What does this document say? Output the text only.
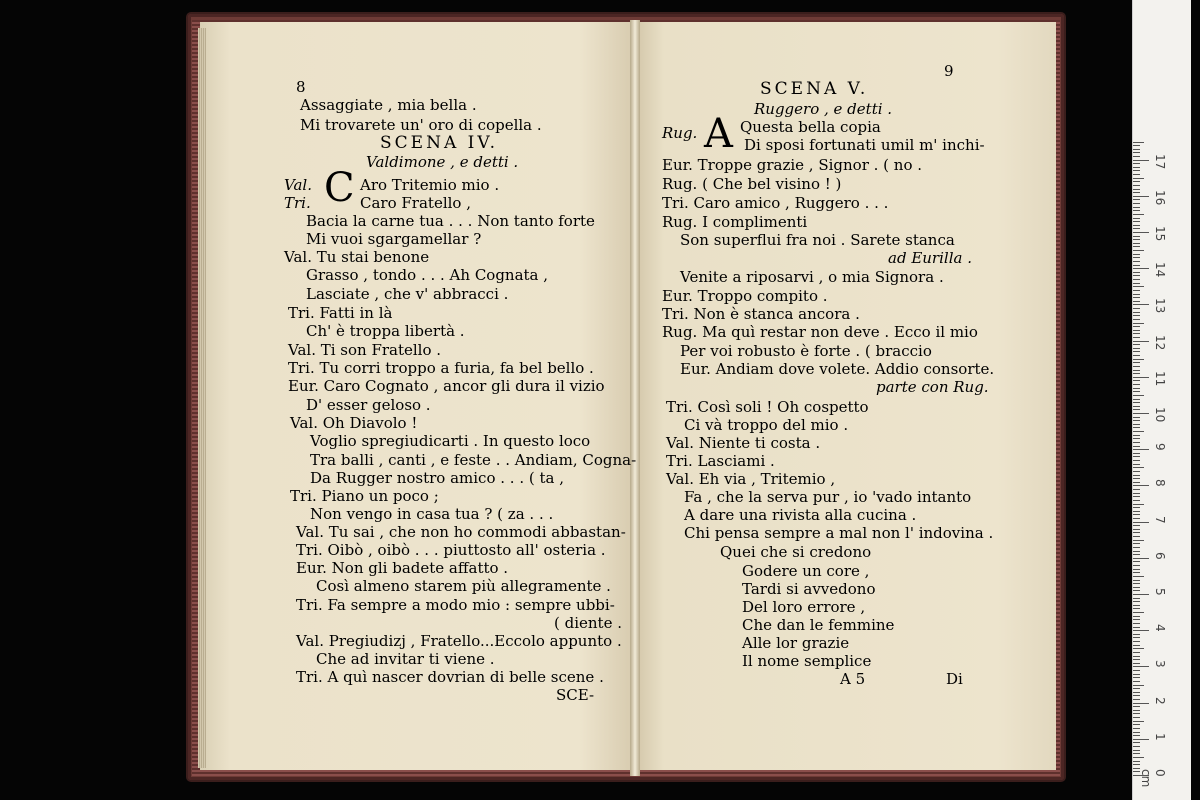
8
9
C
A
Assaggiate , mia bella .
Mi trovarete un' oro di copella .
SCENA IV.
Valdimone , e detti .
Val.	Aro Tritemio mio .
Tri.	Caro Fratello ,
Bacia la carne tua . . . Non tanto forte
Mi vuoi sgargamellar ?
Val. Tu stai benone
Grasso , tondo . . . Ah Cognata ,
Lasciate , che v' abbracci .
Tri. Fatti in là
Ch' è troppa libertà .
Val. Ti son Fratello .
Tri. Tu corri troppo a furia, fa bel bello .
Eur. Caro Cognato , ancor gli dura il vizio
D' esser geloso .
Val. Oh Diavolo !
Voglio spregiudicarti . In questo loco
Tra balli , canti , e feste . . Andiam, Cogna-
Da Rugger nostro amico . . . ( ta ,
Tri. Piano un poco ;
Non vengo in casa tua ? ( za . . .
Val. Tu sai , che non ho commodi abbastan-
Tri. Oibò , oibò . . . piuttosto all' osteria .
Eur. Non gli badete affatto .
Così almeno starem più allegramente .
Tri. Fa sempre a modo mio : sempre ubbi-
( diente .
Val. Pregiudizj , Fratello...Eccolo appunto .
Che ad invitar ti viene .
Tri. A quì nascer dovrian di belle scene .
SCE-
SCENA V.
Ruggero , e detti .
Rug.	Questa bella copia
Di sposi fortunati umil m' inchi-
Eur. Troppe grazie , Signor . ( no .
Rug. ( Che bel visino ! )
Tri. Caro amico , Ruggero . . .
Rug. I complimenti
Son superflui fra noi . Sarete stanca
ad Eurilla .
Venite a riposarvi , o mia Signora .
Eur. Troppo compito .
Tri. Non è stanca ancora .
Rug. Ma quì restar non deve . Ecco il mio
Per voi robusto è forte . ( braccio
Eur. Andiam dove volete. Addio consorte.
parte con Rug.
Tri. Così soli ! Oh cospetto
Ci và troppo del mio .
Val. Niente ti costa .
Tri. Lasciami .
Val. Eh via , Tritemio ,
Fa , che la serva pur , io 'vado intanto
A dare una rivista alla cucina .
Chi pensa sempre a mal non l' indovina .
Quei che si credono
Godere un core ,
Tardi si avvedono
Del loro errore ,
Che dan le femmine
Alle lor grazie
Il nome semplice
A 5	Di
0 cm
1
2
3
4
5
6
7
8
9
10
11
12
13
14
15
16
17
